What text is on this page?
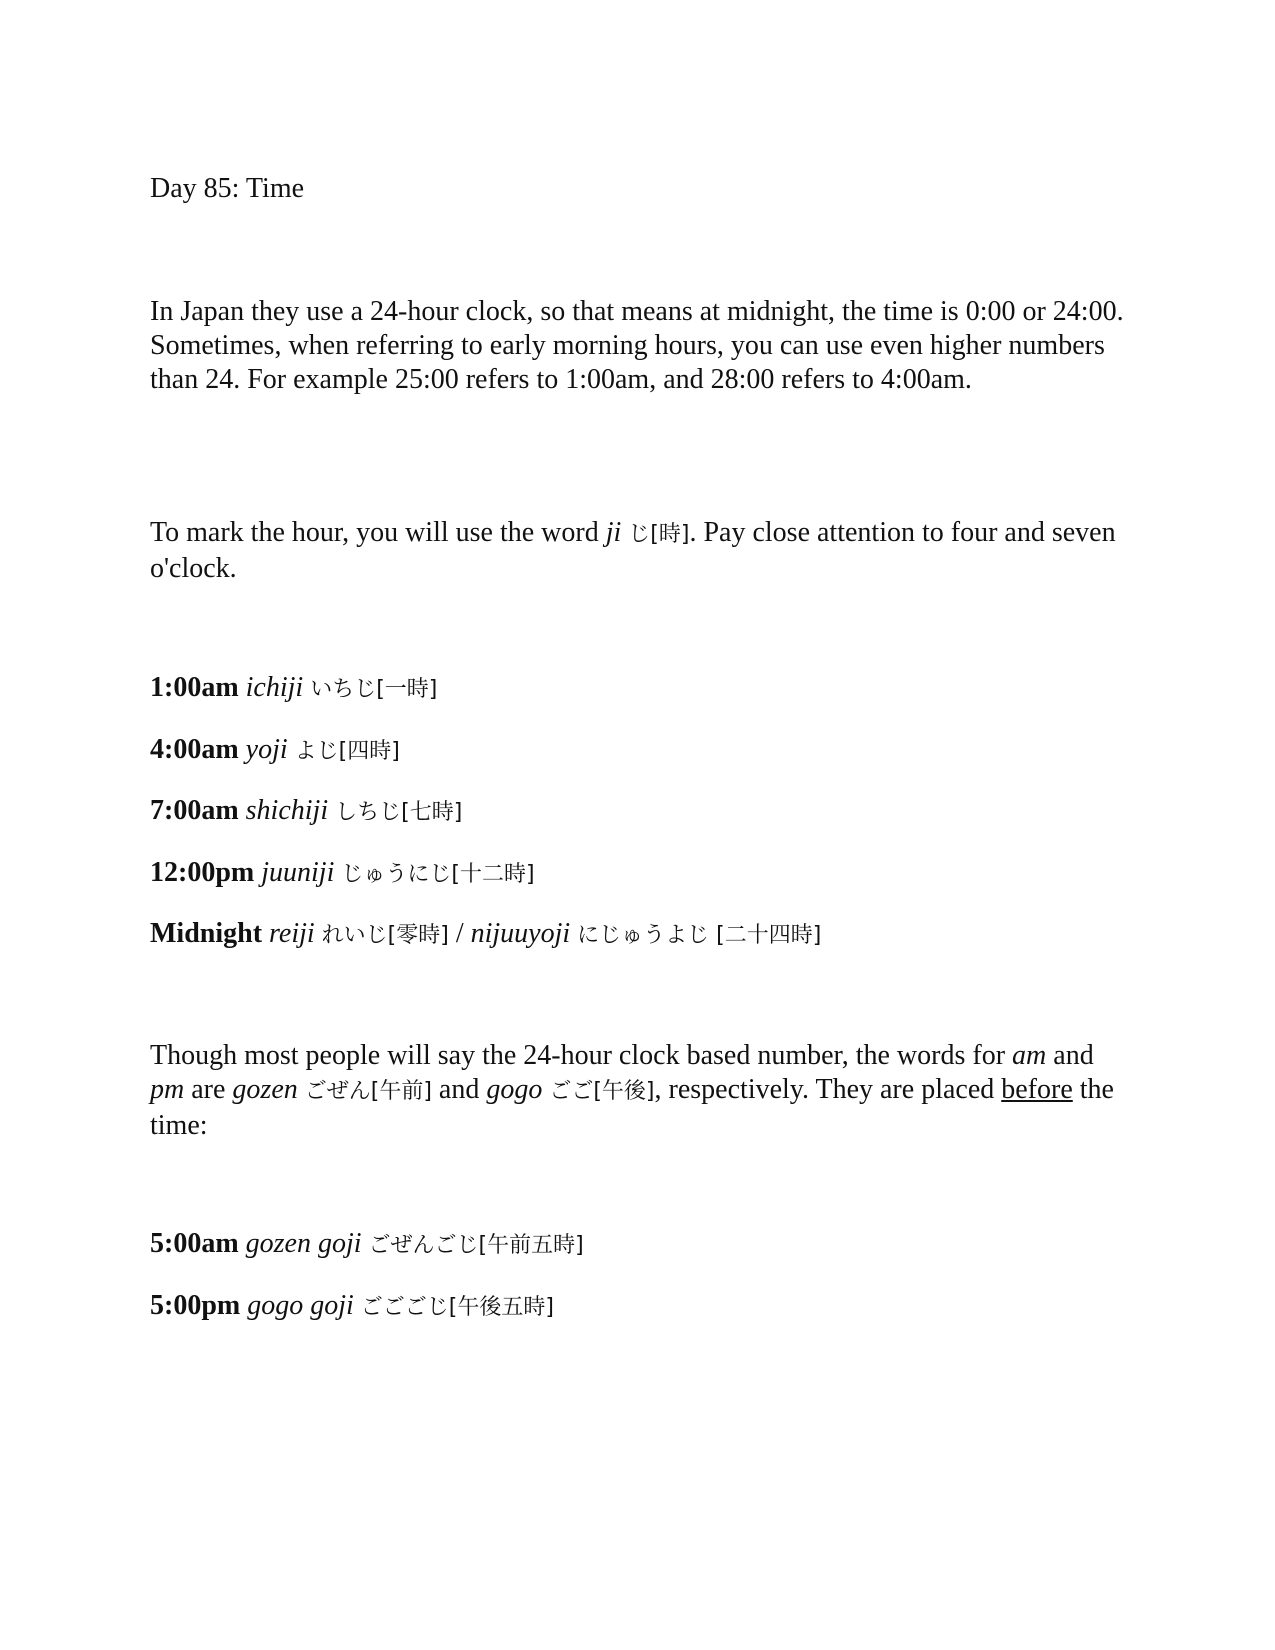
Day 85: Time

In Japan they use a 24-hour clock, so that means at midnight, the time is 0:00 or 24:00. Sometimes, when referring to early morning hours, you can use even higher numbers than 24. For example 25:00 refers to 1:00am, and 28:00 refers to 4:00am.

To mark the hour, you will use the word ji じ[時]. Pay close attention to four and seven o'clock.

1:00am ichiji いちじ[一時]

4:00am yoji よじ[四時]

7:00am shichiji しちじ[七時]

12:00pm juuniji じゅうにじ[十二時]

Midnight reiji れいじ[零時] / nijuuyoji にじゅうよじ [二十四時]

Though most people will say the 24-hour clock based number, the words for am and pm are gozen ごぜん[午前] and gogo ごご[午後], respectively. They are placed before the time:

5:00am gozen goji ごぜんごじ[午前五時]

5:00pm gogo goji ごごごじ[午後五時]
